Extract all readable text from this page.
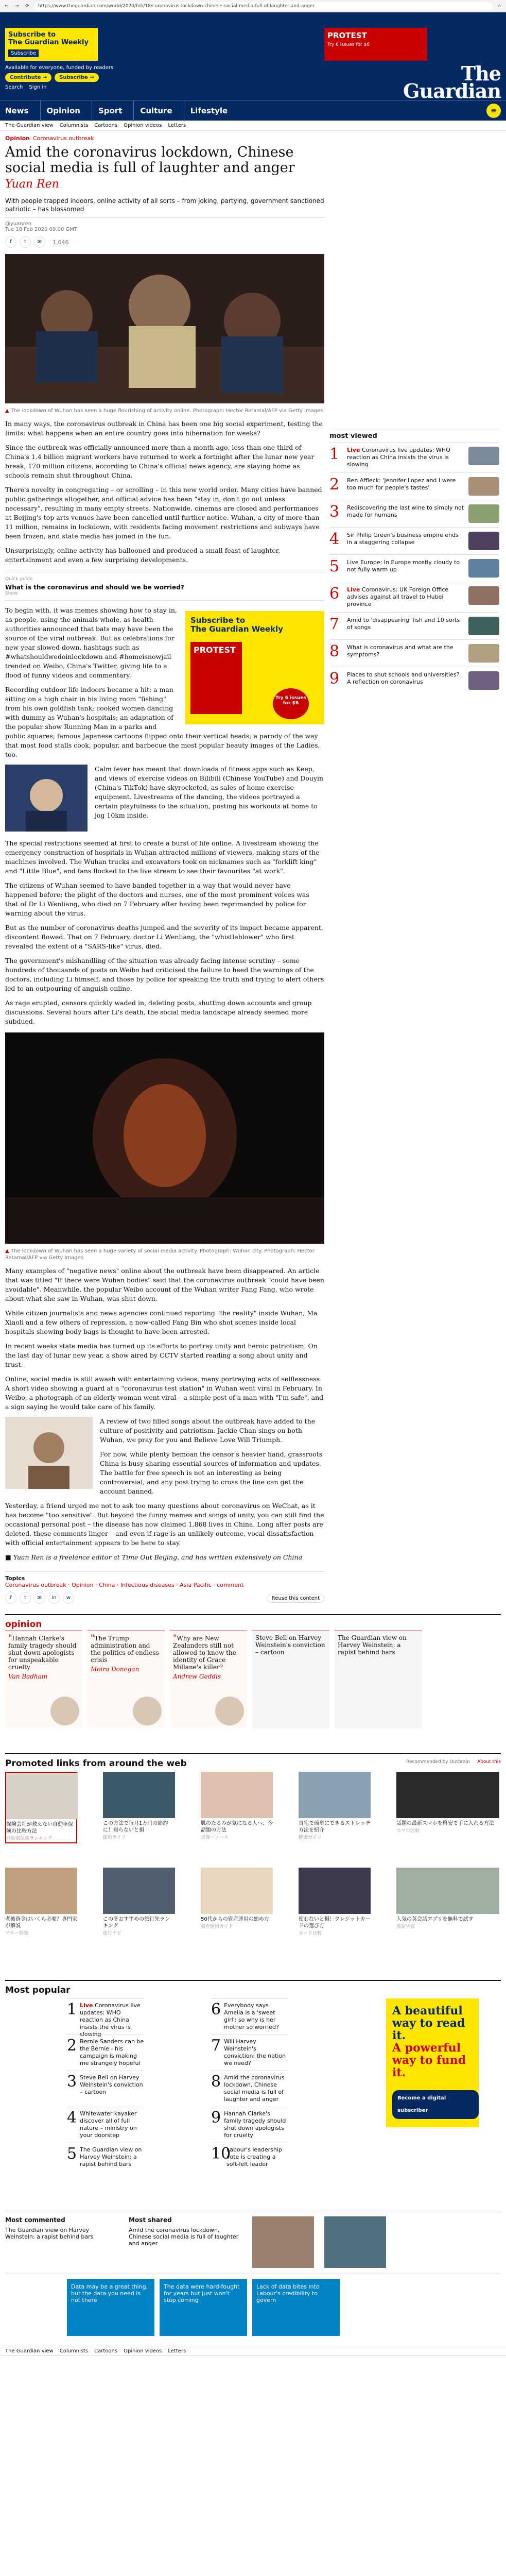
←	→	⟳	https://www.theguardian.com/world/2020/feb/18/coronavirus-lockdown-chinese-social-media-full-of-laughter-and-anger	☆
Subscribe to
The Guardian Weekly
Subscribe
PROTEST
Try 6 issues for $6
Available for everyone, funded by readers
Contribute →	Subscribe →
Search Sign in
The
Guardian
News	Opinion	Sport	Culture	Lifestyle	≡
The Guardian view Columnists Cartoons Opinion videos Letters
Opinion Coronavirus outbreak
Amid the coronavirus lockdown, Chinese social media is full of laughter and anger
Yuan Ren
With people trapped indoors, online activity of all sorts – from joking, partying, government sanctioned patriotic – has blossomed
@yuanren
Tue 18 Feb 2020 09.00 GMT
f	t	✉	1,046
▲ The lockdown of Wuhan has seen a huge flourishing of activity online. Photograph: Hector Retamal/AFP via Getty Images

In many ways, the coronavirus outbreak in China has been one big social experiment, testing the limits: what happens when an entire country goes into hibernation for weeks?

Since the outbreak was officially announced more than a month ago, less than one third of China's 1.4 billion migrant workers have returned to work a fortnight after the lunar new year break, 170 million citizens, according to China's official news agency, are staying home as schools remain shut throughout China.

There's novelty in congregating – or scrolling – in this new world order. Many cities have banned public gatherings altogether, and official advice has been "stay in, don't go out unless necessary", resulting in many empty streets. Nationwide, cinemas are closed and performances at Beijing's top arts venues have been cancelled until further notice. Wuhan, a city of more than 11 million, remains in lockdown, with residents facing movement restrictions and subways have been frozen, and state media has joined in the fun.

Unsurprisingly, online activity has ballooned and produced a small feast of laughter, entertainment and even a few surprising developments.

Quick guide
What is the coronavirus and should we be worried?
Show
Subscribe to
The Guardian Weekly
PROTEST
Try 6 issues for $6

To begin with, it was memes showing how to stay in, as people, using the animals whole, as health authorities announced that bats may have been the source of the viral outbreak. But as celebrations for new year slowed down, hashtags such as #whatshouldwedoinlockdown and #homeisnowjail trended on Weibo, China's Twitter, giving life to a flood of funny videos and commentary.

Recording outdoor life indoors became a hit: a man sitting on a high chair in his living room "fishing" from his own goldfish tank; cooked women dancing with dummy as Wuhan's hospitals; an adaptation of the popular show Running Man in a parks and public squares; famous Japanese cartoons flipped onto their vertical heads; a parody of the way that most food stalls cook, popular, and barbecue the most popular beauty images of the Ladies, too.

Calm fever has meant that downloads of fitness apps such as Keep, and views of exercise videos on Bilibili (Chinese YouTube) and Douyin (China's TikTok) have skyrocketed, as sales of home exercise equipment. Livestreams of the dancing, the videos portrayed a certain playfulness to the situation, posting his workouts at home to jog 10km inside.

The special restrictions seemed at first to create a burst of life online. A livestream showing the emergency construction of hospitals in Wuhan attracted millions of viewers, making stars of the machines involved. The Wuhan trucks and excavators took on nicknames such as "forklift king" and "Little Blue", and fans flocked to the live stream to see their favourites "at work".

The citizens of Wuhan seemed to have banded together in a way that would never have happened before; the plight of the doctors and nurses, one of the most prominent voices was that of Dr Li Wenliang, who died on 7 February after having been reprimanded by police for warning about the virus.

But as the number of coronavirus deaths jumped and the severity of its impact became apparent, discontent flowed. That on 7 February, doctor Li Wenliang, the "whistleblower" who first revealed the extent of a "SARS-like" virus, died.

The government's mishandling of the situation was already facing intense scrutiny – some hundreds of thousands of posts on Weibo had criticised the failure to heed the warnings of the doctors, including Li himself, and those by police for speaking the truth and trying to alert others led to an outpouring of anguish online.

As rage erupted, censors quickly waded in, deleting posts, shutting down accounts and group discussions. Several hours after Li's death, the social media landscape already seemed more subdued.

▲ The lockdown of Wuhan has seen a huge variety of social media activity. Photograph: Wuhan city. Photograph: Hector Retamal/AFP via Getty Images

Many examples of "negative news" online about the outbreak have been disappeared. An article that was titled "If there were Wuhan bodies" said that the coronavirus outbreak "could have been avoidable". Meanwhile, the popular Weibo account of the Wuhan writer Fang Fang, who wrote about what she saw in Wuhan, was shut down.

While citizen journalists and news agencies continued reporting "the reality" inside Wuhan, Ma Xiaoli and a few others of repression, a now-called Fang Bin who shot scenes inside local hospitals showing body bags is thought to have been arrested.

In recent weeks state media has turned up its efforts to portray unity and heroic patriotism. On the last day of lunar new year, a show aired by CCTV started reading a song about unity and trust.

Online, social media is still awash with entertaining videos, many portraying acts of selflessness. A short video showing a guard at a "coronavirus test station" in Wuhan went viral in February. In Weibo, a photograph of an elderly woman went viral – a simple post of a man with "I'm safe", and a sign saying he would take care of his family.

A review of two filled songs about the outbreak have added to the culture of positivity and patriotism. Jackie Chan sings on both Wuhan, we pray for you and Believe Love Will Triumph.

For now, while plenty bemoan the censor's heavier hand, grassroots China is busy sharing essential sources of information and updates. The battle for free speech is not an interesting as being controversial, and any post trying to cross the line can get the account banned.

Yesterday, a friend urged me not to ask too many questions about coronavirus on WeChat, as it has become "too sensitive". But beyond the funny memes and songs of unity, you can still find the occasional personal post – the disease has now claimed 1,868 lives in China. Long after posts are deleted, these comments linger – and even if rage is an unlikely outcome, vocal dissatisfaction with official entertainment appears to be here to stay.

■ Yuan Ren is a freelance editor at Time Out Beijing, and has written extensively on China

Topics
Coronavirus outbreak · Opinion · China · Infectious diseases · Asia Pacific · comment
f	t	✉	in	w	Reuse this content
most viewed
1	Live Coronavirus live updates: WHO reaction as China insists the virus is slowing
2	Ben Affleck: 'Jennifer Lopez and I were too much for people's tastes'
3	Rediscovering the last wine to simply not made for humans
4	Sir Philip Green's business empire ends in a staggering collapse
5	Live Europe: In Europe mostly cloudy to not fully warm up
6	Live Coronavirus: UK Foreign Office advises against all travel to Hubei province
7	Amid to 'disappearing' fish and 10 sorts of songs
8	What is coronavirus and what are the symptoms?
9	Places to shut schools and universities? A reflection on coronavirus
opinion
"Hannah Clarke's family tragedy should shut down apologists for unspeakable cruelty
Van Badham
"The Trump administration and the politics of endless crisis
Moira Donegan
"Why are New Zealanders still not allowed to know the identity of Grace Millane's killer?
Andrew Geddis
Steve Bell on Harvey Weinstein's conviction – cartoon
The Guardian view on Harvey Weinstein: a rapist behind bars
Promoted links from around the web	Recommended by Outbrain About this
保険会社が教えない自動車保険の比較方法
自動車保険ランキング
この方法で毎月1万円の節約に！知らないと損
節約ライフ
肌のたるみが気になる人へ、今話題の方法
美容ニュース
自宅で簡単にできるストレッチ方法を紹介
健康ガイド
話題の最新スマホを格安で手に入れる方法
スマホ比較
老後資金はいくら必要？専門家が解説
マネー特集
この冬おすすめの旅行先ランキング
旅行ナビ
50代からの資産運用の始め方
資産運用ガイド
使わないと損！クレジットカードの選び方
カード比較
人気の英会話アプリを無料で試す
英語学習
Most popular
1 Live Coronavirus live updates: WHO reaction as China insists the virus is slowing
2 Bernie Sanders can be the Bernie - his campaign is making me strangely hopeful
3 Steve Bell on Harvey Weinstein's conviction – cartoon
4 Whitewater kayaker discover all of full nature – ministry on your doorstep
5 The Guardian view on Harvey Weinstein: a rapist behind bars
6 Everybody says Amelia is a 'sweet girl': so why is her mother so worried?
7 Will Harvey Weinstein's conviction: the nation we need?
8 Amid the coronavirus lockdown, Chinese social media is full of laughter and anger
9 Hannah Clarke's family tragedy should shut down apologists for cruelty
10
Labour's leadership vote is creating a soft-left leader
A beautiful way to read it.
A powerful way to fund it.
Become a digital subscriber
Most commented
The Guardian view on Harvey Weinstein: a rapist behind bars
Most shared
Amid the coronavirus lockdown, Chinese social media is full of laughter and anger
Data may be a great thing, but the data you need is not there
The data were hard-fought for years but just won't stop coming
Lack of data bites into Labour's credibility to govern
The Guardian view Columnists Cartoons Opinion videos Letters
